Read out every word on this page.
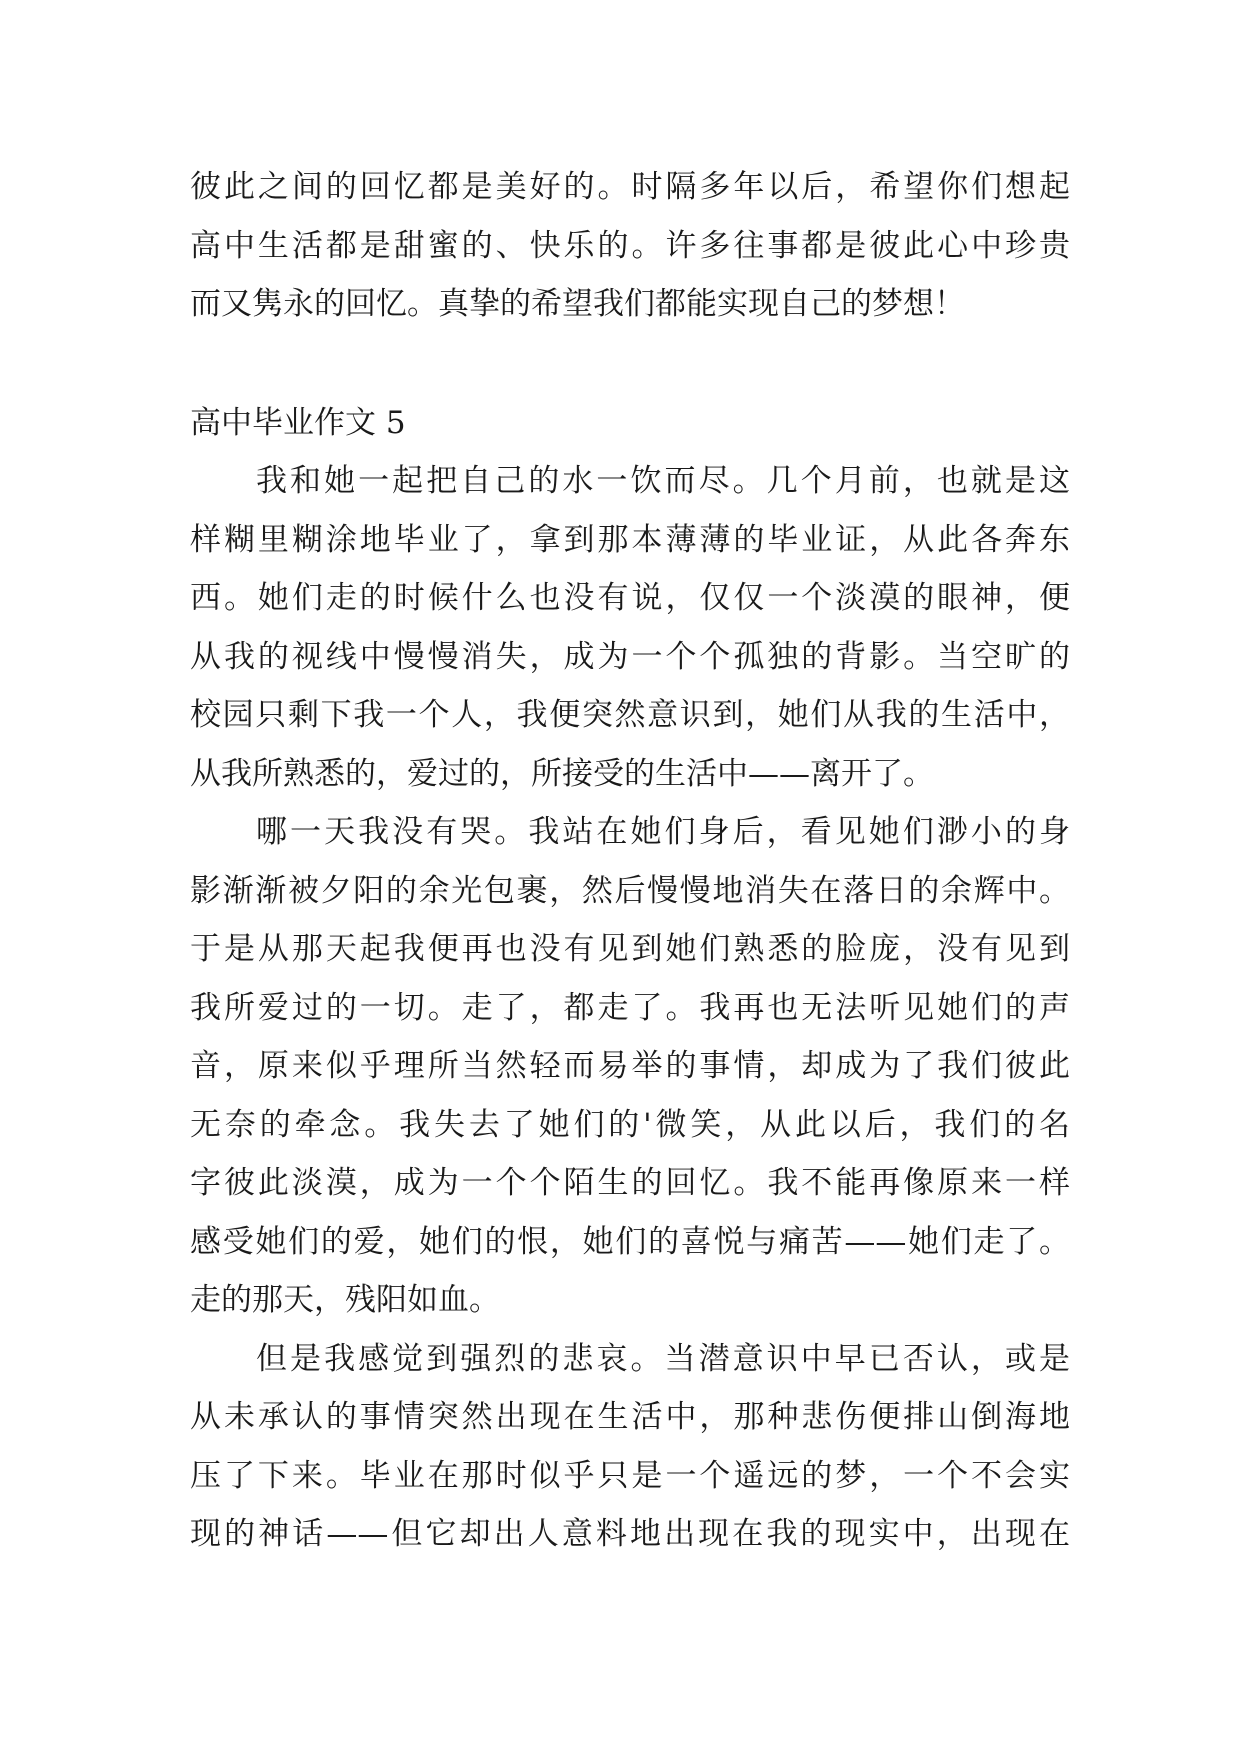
彼此之间的回忆都是美好的。时隔多年以后，希望你们想起
高中生活都是甜蜜的、快乐的。许多往事都是彼此心中珍贵
而又隽永的回忆。真挚的希望我们都能实现自己的梦想！
高中毕业作文 5
我和她一起把自己的水一饮而尽。几个月前，也就是这
样糊里糊涂地毕业了，拿到那本薄薄的毕业证，从此各奔东
西。她们走的时候什么也没有说，仅仅一个淡漠的眼神，便
从我的视线中慢慢消失，成为一个个孤独的背影。当空旷的
校园只剩下我一个人，我便突然意识到，她们从我的生活中，
从我所熟悉的，爱过的，所接受的生活中——离开了。
哪一天我没有哭。我站在她们身后，看见她们渺小的身
影渐渐被夕阳的余光包裹，然后慢慢地消失在落日的余辉中。
于是从那天起我便再也没有见到她们熟悉的脸庞，没有见到
我所爱过的一切。走了，都走了。我再也无法听见她们的声
音，原来似乎理所当然轻而易举的事情，却成为了我们彼此
无奈的牵念。我失去了她们的'微笑，从此以后，我们的名
字彼此淡漠，成为一个个陌生的回忆。我不能再像原来一样
感受她们的爱，她们的恨，她们的喜悦与痛苦——她们走了。
走的那天，残阳如血。
但是我感觉到强烈的悲哀。当潜意识中早已否认，或是
从未承认的事情突然出现在生活中，那种悲伤便排山倒海地
压了下来。毕业在那时似乎只是一个遥远的梦，一个不会实
现的神话——但它却出人意料地出现在我的现实中，出现在
